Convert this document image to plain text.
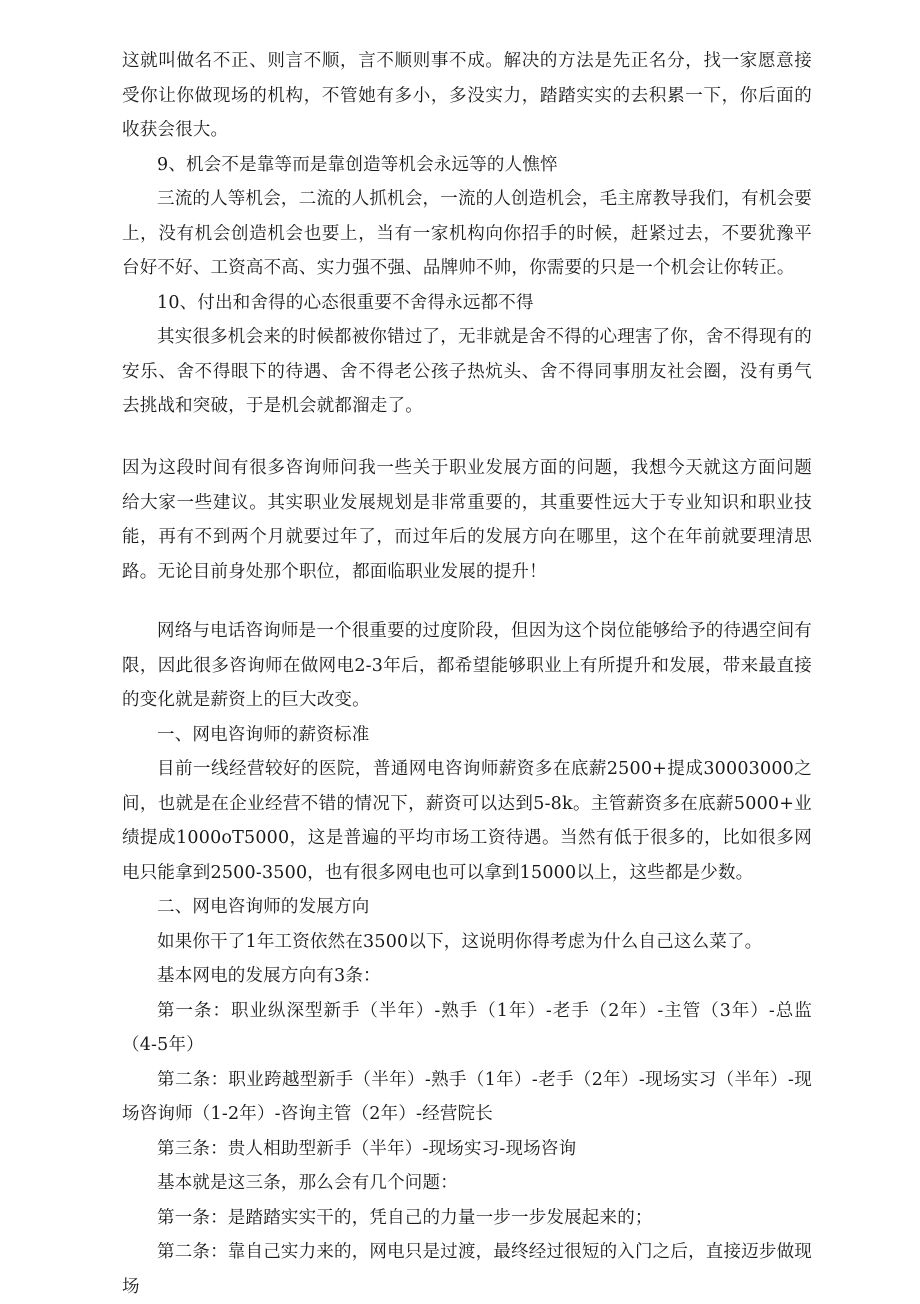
这就叫做名不正、则言不顺，言不顺则事不成。解决的方法是先正名分，找一家愿意接受你让你做现场的机构，不管她有多小，多没实力，踏踏实实的去积累一下，你后面的收获会很大。

9、机会不是靠等而是靠创造等机会永远等的人憔悴

三流的人等机会，二流的人抓机会，一流的人创造机会，毛主席教导我们，有机会要上，没有机会创造机会也要上，当有一家机构向你招手的时候，赶紧过去，不要犹豫平台好不好、工资高不高、实力强不强、品牌帅不帅，你需要的只是一个机会让你转正。

10、付出和舍得的心态很重要不舍得永远都不得

其实很多机会来的时候都被你错过了，无非就是舍不得的心理害了你，舍不得现有的安乐、舍不得眼下的待遇、舍不得老公孩子热炕头、舍不得同事朋友社会圈，没有勇气去挑战和突破，于是机会就都溜走了。

因为这段时间有很多咨询师问我一些关于职业发展方面的问题，我想今天就这方面问题给大家一些建议。其实职业发展规划是非常重要的，其重要性远大于专业知识和职业技能，再有不到两个月就要过年了，而过年后的发展方向在哪里，这个在年前就要理清思路。无论目前身处那个职位，都面临职业发展的提升！

网络与电话咨询师是一个很重要的过度阶段，但因为这个岗位能够给予的待遇空间有限，因此很多咨询师在做网电2-3年后，都希望能够职业上有所提升和发展，带来最直接的变化就是薪资上的巨大改变。

一、网电咨询师的薪资标准

目前一线经营较好的医院，普通网电咨询师薪资多在底薪2500+提成30003000之间，也就是在企业经营不错的情况下，薪资可以达到5-8k。主管薪资多在底薪5000+业绩提成1000oT5000，这是普遍的平均市场工资待遇。当然有低于很多的，比如很多网电只能拿到2500-3500，也有很多网电也可以拿到15000以上，这些都是少数。

二、网电咨询师的发展方向

如果你干了1年工资依然在3500以下，这说明你得考虑为什么自己这么菜了。

基本网电的发展方向有3条：

第一条：职业纵深型新手（半年）-熟手（1年）-老手（2年）-主管（3年）-总监（4-5年）

第二条：职业跨越型新手（半年）-熟手（1年）-老手（2年）-现场实习（半年）-现场咨询师（1-2年）-咨询主管（2年）-经营院长

第三条：贵人相助型新手（半年）-现场实习-现场咨询

基本就是这三条，那么会有几个问题：

第一条：是踏踏实实干的，凭自己的力量一步一步发展起来的；

第二条：靠自己实力来的，网电只是过渡，最终经过很短的入门之后，直接迈步做现场
